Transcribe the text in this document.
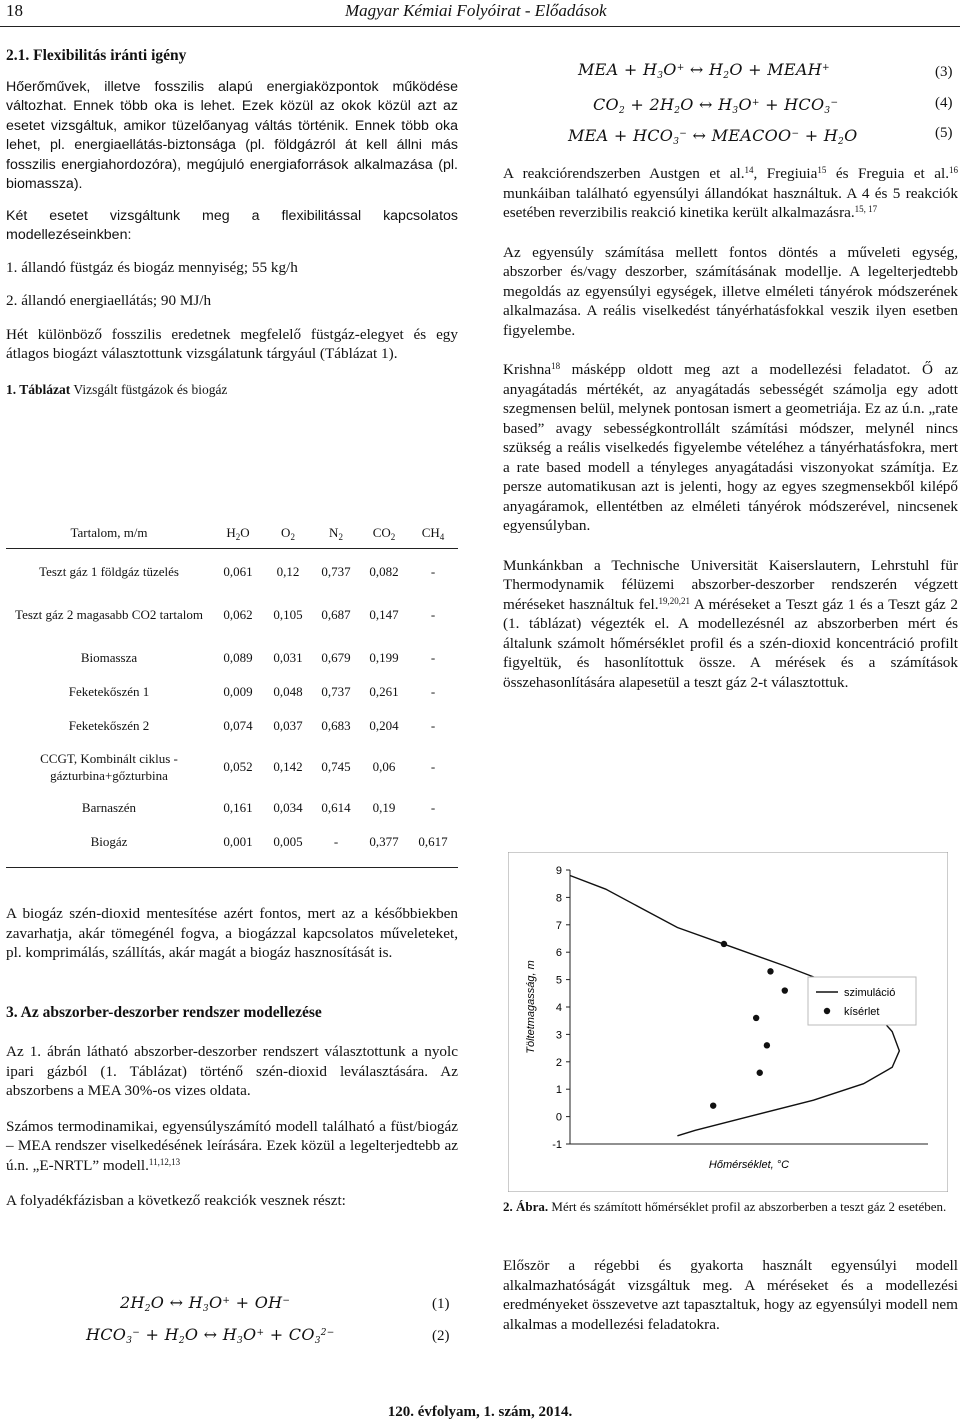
18	Magyar Kémiai Folyóirat - Előadások
2.1. Flexibilitás iránti igény

Hőerőművek, illetve fosszilis alapú energiaközpontok működése változhat. Ennek több oka is lehet. Ezek közül az okok közül azt az esetet vizsgáltuk, amikor tüzelőanyag váltás történik. Ennek több oka lehet, pl. energiaellátás-biztonsága (pl. földgázról át kell állni más fosszilis energiahordozóra), megújuló energiaforrások alkalmazása (pl. biomassza).

Két esetet vizsgáltunk meg a flexibilitással kapcsolatos modellezéseinkben:

1. állandó füstgáz és biogáz mennyiség; 55 kg/h

2. állandó energiaellátás; 90 MJ/h

Hét különböző fosszilis eredetnek megfelelő füstgáz-elegyet és egy átlagos biogázt választottunk vizsgálatunk tárgyául (Táblázat 1).

1. Táblázat Vizsgált füstgázok és biogáz
Tartalom, m/m	$H_2O$	$O_2$	$N_2$	$CO_2$	$CH_4$

Teszt gáz 1 földgáz tüzelés	0,061	0,12	0,737	0,082	-
Teszt gáz 2 magasabb CO2 tartalom	0,062	0,105	0,687	0,147	-
Biomassza	0,089	0,031	0,679	0,199	-
Feketekőszén 1	0,009	0,048	0,737	0,261	-
Feketekőszén 2	0,074	0,037	0,683	0,204	-
CCGT, Kombinált ciklus - gázturbina+gőzturbina	0,052	0,142	0,745	0,06	-
Barnaszén	0,161	0,034	0,614	0,19	-
Biogáz	0,001	0,005	-	0,377	0,617

A biogáz szén-dioxid mentesítése azért fontos, mert az a későbbiekben zavarhatja, akár tömegénél fogva, a biogázzal kapcsolatos műveleteket, pl. komprimálás, szállítás, akár magát a biogáz hasznosítását is.

3. Az abszorber-deszorber rendszer modellezése

Az 1. ábrán látható abszorber-deszorber rendszert választottunk a nyolc ipari gázból (1. Táblázat) történő szén-dioxid leválasztására. Az abszorbens a MEA 30%-os vizes oldata.

Számos termodinamikai, egyensúlyszámító modell található a füst/biogáz – MEA rendszer viselkedésének leírására. Ezek közül a legelterjedtebb az ú.n. „E-NRTL” modell.$^{11,12,13}$

A folyadékfázisban a következő reakciók vesznek részt:

$2H_2O$ ↔ $H_3O^+ + OH^-$	(1)
$HCO_3^- + H_2O$ ↔ $H_3O^+ + CO_3^{2-}$	(2)
MEA + $H_3O^+$ ↔ $H_2O$ + MEAH+	(3)
$CO_2 + 2H_2O$ ↔ $H_3O^+ + HCO_3^-$	(4)
MEA + $HCO_3^-$ ↔ MEACOO− + $H_2O$	(5)

A reakciórendszerben Austgen et al.$^{14}$, Fregiuia$^{15}$ és Freguia et al.$^{16}$ munkáiban található egyensúlyi állandókat használtuk. A 4 és 5 reakciók esetében reverzibilis reakció kinetika került alkalmazásra.$^{15, 17}$

Az egyensúly számítása mellett fontos döntés a műveleti egység, abszorber és/vagy deszorber, számításának modellje. A legelterjedtebb megoldás az egyensúlyi egységek, illetve elméleti tányérok módszerének alkalmazása. A reális viselkedést tányérhatásfokkal veszik ilyen esetben figyelembe.

Krishna$^{18}$ másképp oldott meg azt a modellezési feladatot. Ő az anyagátadás mértékét, az anyagátadás sebességét számolja egy adott szegmensen belül, melynek pontosan ismert a geometriája. Ez az ú.n. „rate based” avagy sebességkontrollált számítási módszer, melynél nincs szükség a reális viselkedés figyelembe vételéhez a tányérhatásfokra, mert a rate based modell a tényleges anyagátadási viszonyokat számítja. Ez persze automatikusan azt is jelenti, hogy az egyes szegmensekből kilépő anyagáramok, ellentétben az elméleti tányérok módszerével, nincsenek egyensúlyban.

Munkánkban a Technische Universität Kaiserslautern, Lehrstuhl für Thermodynamik félüzemi abszorber-deszorber rendszerén végzett méréseket használtuk fel.$^{19,20,21}$ A méréseket a Teszt gáz 1 és a Teszt gáz 2 (1. táblázat) végezték el. A modellezésnél az abszorberben mért és általunk számolt hőmérséklet profil és a szén-dioxid koncentráció profilt figyeltük, és hasonlítottuk össze. A mérések és a számítások összehasonlítására alapesetül a teszt gáz 2-t választottuk.

-1
0
1
2
3
4
5
6
7
8
9
Töltetmagasság, m
Hőmérséklet, °C
szimuláció
kísérlet
2. Ábra. Mért és számított hőmérséklet profil az abszorberben a teszt gáz 2 esetében.

Először a régebbi és gyakorta használt egyensúlyi modell alkalmazhatóságát vizsgáltuk meg. A méréseket és a modellezési eredményeket összevetve azt tapasztaltuk, hogy az egyensúlyi modell nem alkalmas a modellezési feladatokra.

120. évfolyam, 1. szám, 2014.
